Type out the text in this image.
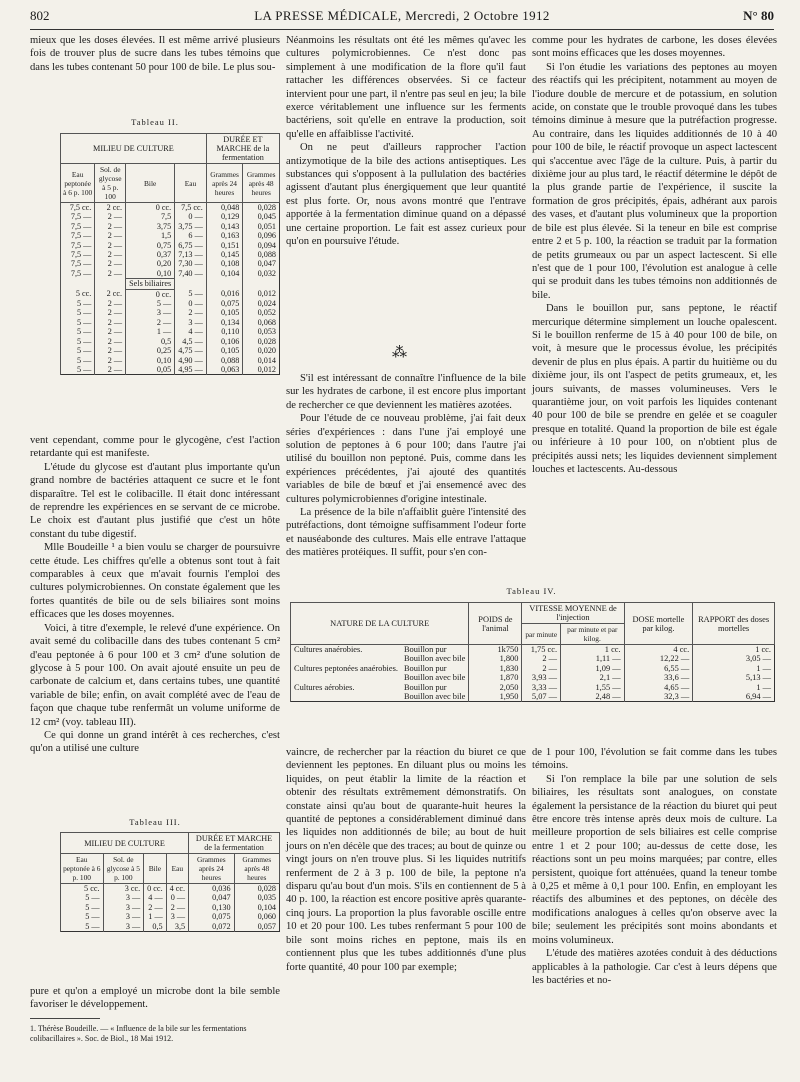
802	LA PRESSE MÉDICALE, Mercredi, 2 Octobre 1912	N° 80

mieux que les doses élevées. Il est même arrivé plusieurs fois de trouver plus de sucre dans les tubes témoins que dans les tubes contenant 50 pour 100 de bile. Le plus sou-

Tableau II.
MILIEU DE CULTURE				DURÉE ET MARCHE de la fermentation	
Eau peptonée à 6 p. 100	Sol. de glycose à 5 p. 100	Bile	Eau	Grammes après 24 heures	Grammes après 48 heures
7,5 cc.	2 cc.	0 cc.	7,5 cc.	0,048	0,028
7,5 —	2 —	7,5	0 —	0,129	0,045
7,5 —	2 —	3,75	3,75 —	0,143	0,051
7,5 —	2 —	1,5	6 —	0,163	0,096
7,5 —	2 —	0,75	6,75 —	0,151	0,094
7,5 —	2 —	0,37	7,13 —	0,145	0,088
7,5 —	2 —	0,20	7,30 —	0,108	0,047
7,5 —	2 —	0,10	7,40 —	0,104	0,032
		Sels biliaires			
5 cc.	2 cc.	0 cc.	5 —	0,016	0,012
5 —	2 —	5 —	0 —	0,075	0,024
5 —	2 —	3 —	2 —	0,105	0,052
5 —	2 —	2 —	3 —	0,134	0,068
5 —	2 —	1 —	4 —	0,110	0,053
5 —	2 —	0,5	4,5 —	0,106	0,028
5 —	2 —	0,25	4,75 —	0,105	0,020
5 —	2 —	0,10	4,90 —	0,088	0,014
5 —	2 —	0,05	4,95 —	0,063	0,012

vent cependant, comme pour le glycogène, c'est l'action retardante qui est manifeste.

L'étude du glycose est d'autant plus importante qu'un grand nombre de bactéries attaquent ce sucre et le font disparaître. Tel est le colibacille. Il était donc intéressant de reprendre les expériences en se servant de ce microbe. Le choix est d'autant plus justifié que c'est un hôte constant du tube digestif.

Mlle Boudeille ¹ a bien voulu se charger de poursuivre cette étude. Les chiffres qu'elle a obtenus sont tout à fait comparables à ceux que m'avait fournis l'emploi des cultures polymicrobiennes. On constate également que les fortes quantités de bile ou de sels biliaires sont moins efficaces que les doses moyennes.

Voici, à titre d'exemple, le relevé d'une expérience. On avait semé du colibacille dans des tubes contenant 5 cm² d'eau peptonée à 6 pour 100 et 3 cm² d'une solution de glycose à 5 pour 100. On avait ajouté ensuite un peu de carbonate de calcium et, dans certains tubes, une quantité variable de bile; enfin, on avait complété avec de l'eau de façon que chaque tube renfermât un volume uniforme de 12 cm² (voy. tableau III).

Ce qui donne un grand intérêt à ces recherches, c'est qu'on a utilisé une culture

Tableau III.
MILIEU DE CULTURE				DURÉE ET MARCHE de la fermentation	
Eau peptonée à 6 p. 100	Sol. de glycose à 5 p. 100	Bile	Eau	Grammes après 24 heures	Grammes après 48 heures
5 cc.	3 cc.	0 cc.	4 cc.	0,036	0,028
5 —	3 —	4 —	0 —	0,047	0,035
5 —	3 —	2 —	2 —	0,130	0,104
5 —	3 —	1 —	3 —	0,075	0,060
5 —	3 —	0,5	3,5	0,072	0,057

pure et qu'on a employé un microbe dont la bile semble favoriser le développement.

1. Thérèse Boudeille. — « Influence de la bile sur les fermentations colibacillaires ». Soc. de Biol., 18 Mai 1912.

Néanmoins les résultats ont été les mêmes qu'avec les cultures polymicrobiennes. Ce n'est donc pas simplement à une modification de la flore qu'il faut rattacher les différences observées. Si ce facteur intervient pour une part, il n'entre pas seul en jeu; la bile exerce véritablement une influence sur les ferments bactériens, soit qu'elle en entrave la production, soit qu'elle en affaiblisse l'activité.

On ne peut d'ailleurs rapprocher l'action antizymotique de la bile des actions antiseptiques. Les substances qui s'opposent à la pullulation des bactéries agissent d'autant plus énergiquement que leur quantité est plus forte. Or, nous avons montré que l'entrave apportée à la fermentation diminue quand on a dépassé une certaine proportion. Le fait est assez curieux pour qu'on en poursuive l'étude.

⁂

S'il est intéressant de connaître l'influence de la bile sur les hydrates de carbone, il est encore plus important de rechercher ce que deviennent les matières azotées.

Pour l'étude de ce nouveau problème, j'ai fait deux séries d'expériences : dans l'une j'ai employé une solution de peptones à 6 pour 100; dans l'autre j'ai utilisé du bouillon non peptoné. Puis, comme dans les expériences précédentes, j'ai ajouté des quantités variables de bile de bœuf et j'ai ensemencé avec des cultures polymicrobiennes d'origine intestinale.

La présence de la bile n'affaiblit guère l'intensité des putréfactions, dont témoigne suffisamment l'odeur forte et nauséabonde des cultures. Mais elle entrave l'attaque des matières protéiques. Il suffit, pour s'en con-

comme pour les hydrates de carbone, les doses élevées sont moins efficaces que les doses moyennes.

Si l'on étudie les variations des peptones au moyen des réactifs qui les précipitent, notamment au moyen de l'iodure double de mercure et de potassium, en solution acide, on constate que le trouble provoqué dans les tubes témoins diminue à mesure que la putréfaction progresse. Au contraire, dans les liquides additionnés de 10 à 40 pour 100 de bile, le réactif provoque un aspect lactescent qui s'accentue avec l'âge de la culture. Puis, à partir du dixième jour au plus tard, le réactif détermine le dépôt de la plus grande partie de l'expérience, il suscite la formation de gros précipités, épais, adhérant aux parois des vases, et d'autant plus volumineux que la proportion de bile est plus élevée. Si la teneur en bile est comprise entre 2 et 5 p. 100, la réaction se traduit par la formation de petits grumeaux ou par un aspect lactescent. Si elle n'est que de 1 pour 100, l'évolution est analogue à celle qui se produit dans les tubes témoins non additionnés de bile.

Dans le bouillon pur, sans peptone, le réactif mercurique détermine simplement un louche opalescent. Si le bouillon renferme de 15 à 40 pour 100 de bile, on voit, à mesure que le processus évolue, les précipités devenir de plus en plus épais. A partir du huitième ou du dixième jour, ils ont l'aspect de petits grumeaux, et, les jours suivants, de masses volumineuses. Vers le quarantième jour, on voit parfois les liquides contenant 40 pour 100 de bile se prendre en gelée et se coaguler presque en totalité. Quand la proportion de bile est égale ou inférieure à 10 pour 100, on n'obtient plus de précipités aussi nets; les liquides deviennent simplement louches et lactescents. Au-dessous

Tableau IV.
NATURE DE LA CULTURE		POIDS de l'animal	VITESSE MOYENNE de l'injection		DOSE mortelle par kilog.	RAPPORT des doses mortelles
			par minute	par minute et par kilog.		
Cultures anaérobies.	Bouillon pur	1k750	1,75 cc.	1 cc.	4 cc.	1 cc.
	Bouillon avec bile	1,800	2 —	1,11 —	12,22 —	3,05 —
Cultures peptonées anaérobies.	Bouillon pur	1,830	2 —	1,09 —	6,55 —	1 —
	Bouillon avec bile	1,870	3,93 —	2,1 —	33,6 —	5,13 —
Cultures aérobies.	Bouillon pur	2,050	3,33 —	1,55 —	4,65 —	1 —
	Bouillon avec bile	1,950	5,07 —	2,48 —	32,3 —	6,94 —

vaincre, de rechercher par la réaction du biuret ce que deviennent les peptones. En diluant plus ou moins les liquides, on peut établir la limite de la réaction et obtenir des résultats extrêmement démonstratifs. On constate ainsi qu'au bout de quarante-huit heures la quantité de peptones a considérablement diminué dans les liquides non additionnés de bile; au bout de huit jours on n'en décèle que des traces; au bout de quinze ou vingt jours on n'en trouve plus. Si les liquides nutritifs renferment de 2 à 3 p. 100 de bile, la peptone n'a disparu qu'au bout d'un mois. S'ils en contiennent de 5 à 40 p. 100, la réaction est encore positive après quarante-cinq jours. La proportion la plus favorable oscille entre 10 et 20 pour 100. Les tubes renfermant 5 pour 100 de bile sont moins riches en peptone, mais ils en contiennent plus que les tubes additionnés d'une plus forte quantité, 40 pour 100 par exemple;

de 1 pour 100, l'évolution se fait comme dans les tubes témoins.

Si l'on remplace la bile par une solution de sels biliaires, les résultats sont analogues, on constate également la persistance de la réaction du biuret qui peut être encore très intense après deux mois de culture. La meilleure proportion de sels biliaires est celle comprise entre 1 et 2 pour 100; au-dessus de cette dose, les réactions sont un peu moins marquées; par contre, elles persistent, quoique fort atténuées, quand la teneur tombe à 0,25 et même à 0,1 pour 100. Enfin, en employant les réactifs des albumines et des peptones, on décèle des modifications analogues à celles qu'on observe avec la bile; seulement les précipités sont moins abondants et moins volumineux.

L'étude des matières azotées conduit à des déductions applicables à la pathologie. Car c'est à leurs dépens que les bactéries et no-
